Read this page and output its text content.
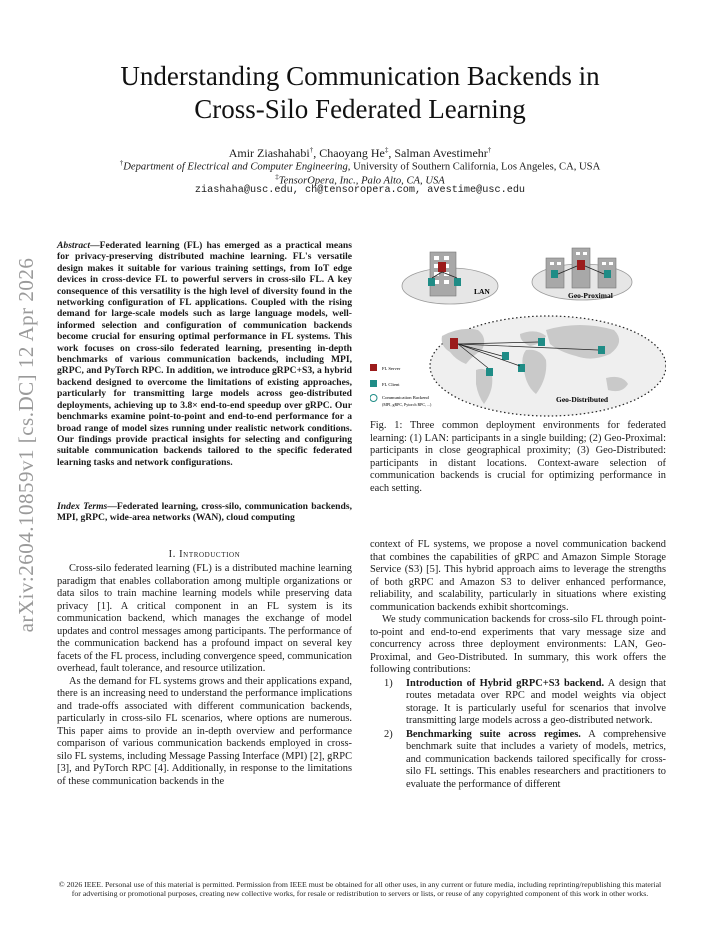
arXiv:2604.10859v1 [cs.DC] 12 Apr 2026
Understanding Communication Backends in
Cross-Silo Federated Learning
Amir Ziashahabi†, Chaoyang He‡, Salman Avestimehr†
†Department of Electrical and Computer Engineering, University of Southern California, Los Angeles, CA, USA
‡TensorOpera, Inc., Palo Alto, CA, USA
ziashaha@usc.edu, ch@tensoropera.com, avestime@usc.edu
Abstract—Federated learning (FL) has emerged as a practical means for privacy-preserving distributed machine learning. FL's versatile design makes it suitable for various training settings, from IoT edge devices in cross-device FL to powerful servers in cross-silo FL. A key consequence of this versatility is the high level of diversity found in the networking configuration of FL applications. Coupled with the rising demand for large-scale models such as large language models, well-informed selection and configuration of communication backends become crucial for ensuring optimal performance in FL systems. This work focuses on cross-silo federated learning, presenting in-depth benchmarks of various communication backends, including MPI, gRPC, and PyTorch RPC. In addition, we introduce gRPC+S3, a hybrid backend designed to overcome the limitations of existing approaches, particularly for transmitting large models across geo-distributed deployments, achieving up to 3.8× end-to-end speedup over gRPC. Our benchmarks examine point-to-point and end-to-end performance for a broad range of model sizes running under realistic network conditions. Our findings provide practical insights for selecting and configuring suitable communication backends tailored to the specific federated learning tasks and network configurations.
Index Terms—Federated learning, cross-silo, communication backends, MPI, gRPC, wide-area networks (WAN), cloud computing
I. Introduction

Cross-silo federated learning (FL) is a distributed machine learning paradigm that enables collaboration among multiple organizations or data silos to train machine learning models while preserving data privacy [1]. A critical component in an FL system is its communication backend, which manages the exchange of model updates and control messages among participants. The performance of the communication backend has a profound impact on several key facets of the FL process, including convergence speed, communication overhead, fault tolerance, and resource utilization.

As the demand for FL systems grows and their applications expand, there is an increasing need to understand the performance implications and trade-offs associated with different communication backends, particularly in cross-silo FL scenarios, where options are numerous. This paper aims to provide an in-depth overview and performance comparison of various communication backends employed in cross-silo FL systems, including Message Passing Interface (MPI) [2], gRPC [3], and PyTorch RPC [4]. Additionally, in response to the limitations of these communication backends in the

LAN	Geo-Proximal
Geo-Distributed
FL Server
FL Client
Communication Backend
(MPI, gRPC, Pytorch RPC, ...)
Fig. 1: Three common deployment environments for federated learning: (1) LAN: participants in a single building; (2) Geo-Proximal: participants in close geographical proximity; (3) Geo-Distributed: participants in distant locations. Context-aware selection of communication backends is crucial for optimizing performance in each setting.

context of FL systems, we propose a novel communication backend that combines the capabilities of gRPC and Amazon Simple Storage Service (S3) [5]. This hybrid approach aims to leverage the strengths of both gRPC and Amazon S3 to deliver enhanced performance, reliability, and scalability, particularly in situations where existing communication backends exhibit shortcomings.

We study communication backends for cross-silo FL through point-to-point and end-to-end experiments that vary message size and concurrency across three deployment environments: LAN, Geo-Proximal, and Geo-Distributed. In summary, this work offers the following contributions:

1) Introduction of Hybrid gRPC+S3 backend. A design that routes metadata over RPC and model weights via object storage. It is particularly useful for scenarios that involve transmitting large models across a geo-distributed network.
2) Benchmarking suite across regimes. A comprehensive benchmark suite that includes a variety of models, metrics, and communication backends tailored specifically for cross-silo FL settings. This enables researchers and practitioners to evaluate the performance of different
© 2026 IEEE. Personal use of this material is permitted. Permission from IEEE must be obtained for all other uses, in any current or future media, including reprinting/republishing this material for advertising or promotional purposes, creating new collective works, for resale or redistribution to servers or lists, or reuse of any copyrighted component of this work in other works.
